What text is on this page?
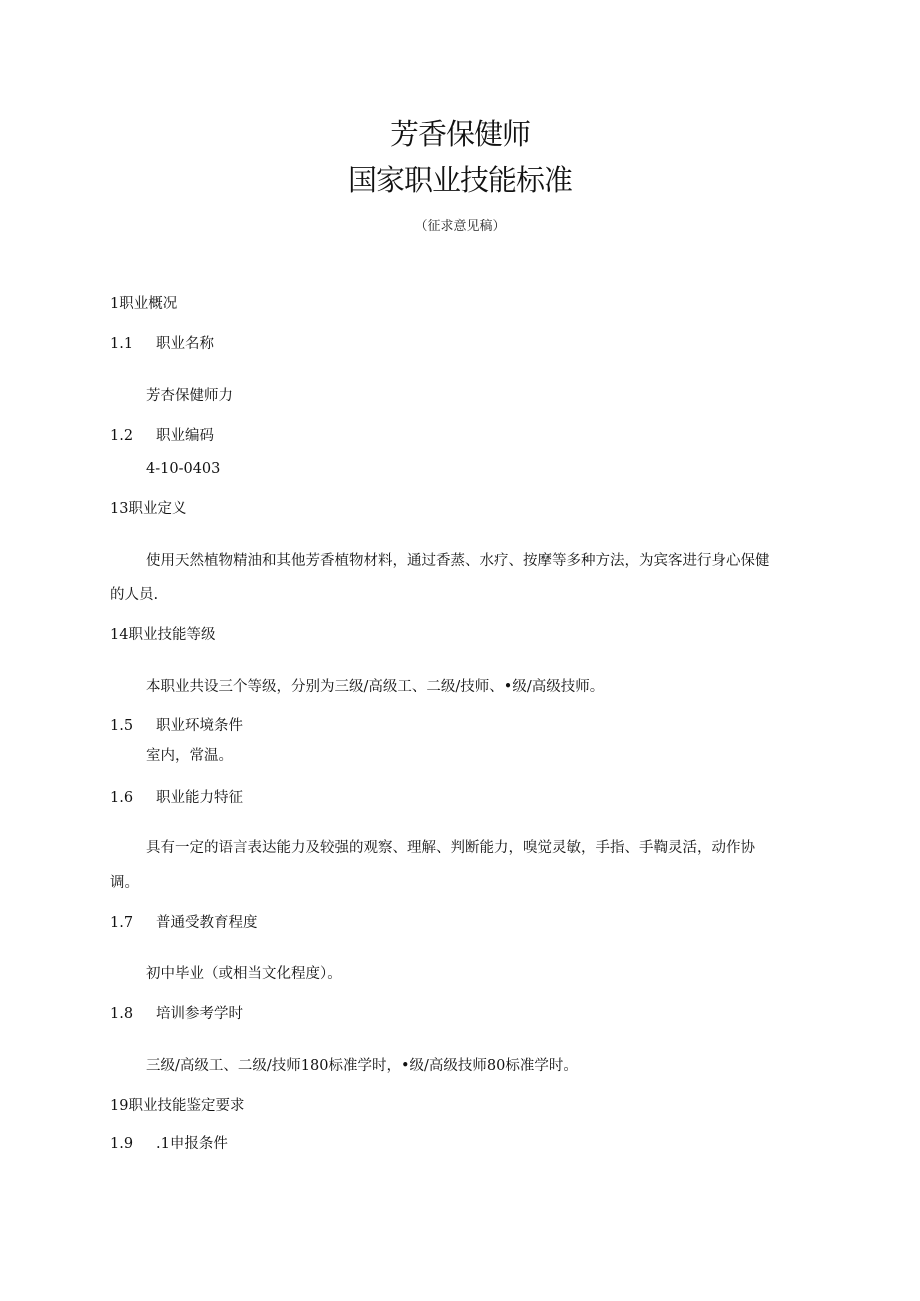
芳香保健师
国家职业技能标准
（征求意见稿）
1职业概况
1.1 职业名称
芳杏保健师力
1.2 职业编码
4-10-0403
13职业定义
使用天然植物精油和其他芳香植物材料，通过香蒸、水疗、按摩等多种方法，为宾客进行身心保健
的人员.
14职业技能等级
本职业共设三个等级，分别为三级/高级工、二级/技师、•级/高级技师。
1.5 职业环境条件
室内，常温。
1.6 职业能力特征
具有一定的语言表达能力及较强的观察、理解、判断能力，嗅觉灵敏，手指、手鞫灵活，动作协
调。
1.7 普通受教育程度
初中毕业（或相当文化程度）。
1.8 培训参考学时
三级/高级工、二级/技师180标准学时，•级/高级技师80标准学时。
19职业技能鉴定要求
1.9 .1申报条件
